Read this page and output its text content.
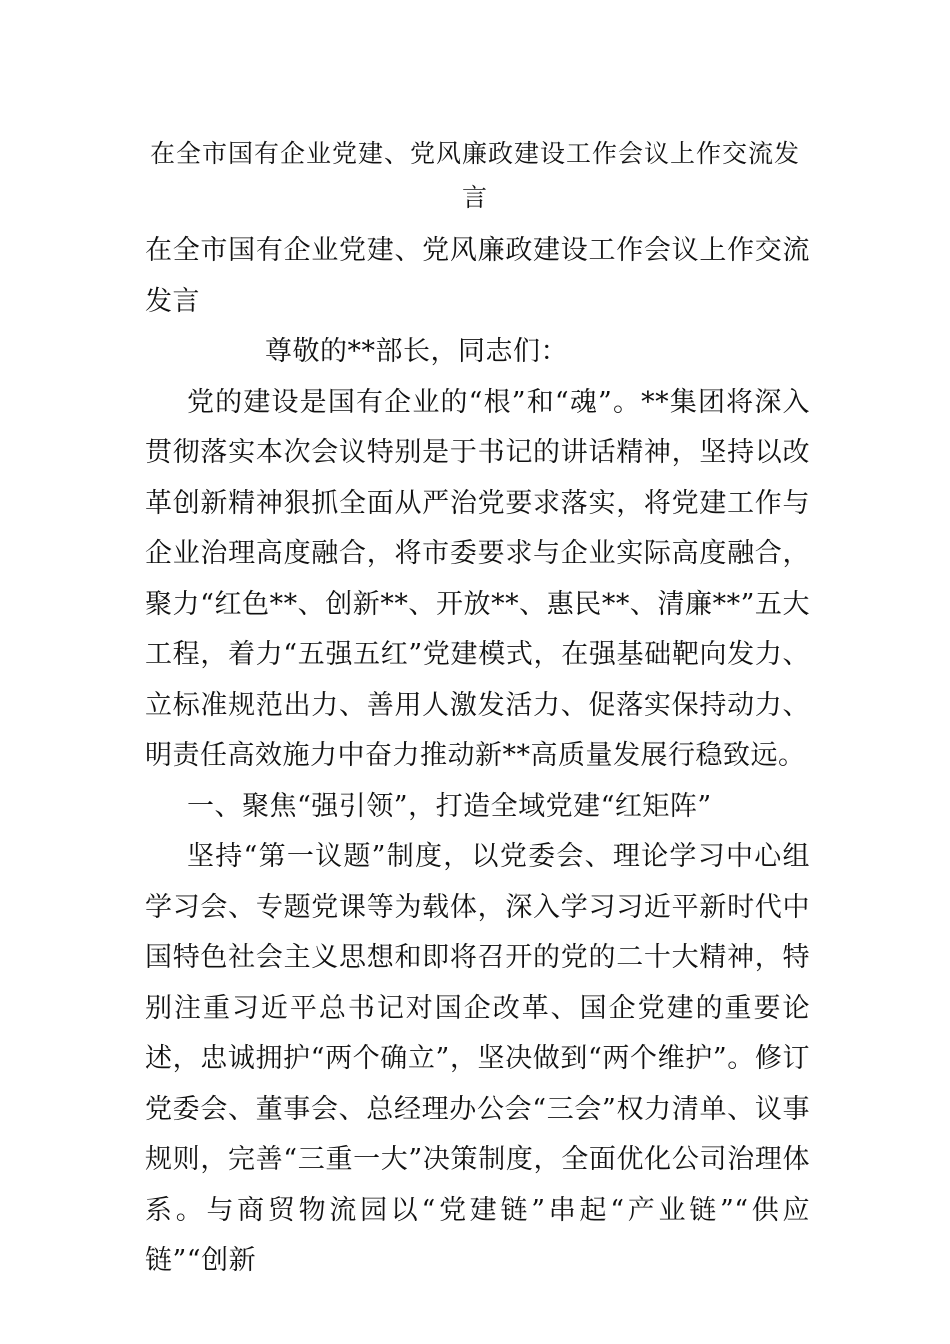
在全市国有企业党建、党风廉政建设工作会议上作交流发言

在全市国有企业党建、党风廉政建设工作会议上作交流发言

尊敬的**部长，同志们：

党的建设是国有企业的“根”和“魂”。**集团将深入贯彻落实本次会议特别是于书记的讲话精神，坚持以改革创新精神狠抓全面从严治党要求落实，将党建工作与企业治理高度融合，将市委要求与企业实际高度融合，聚力“红色**、创新**、开放**、惠民**、清廉**”五大工程，着力“五强五红”党建模式，在强基础靶向发力、立标准规范出力、善用人激发活力、促落实保持动力、明责任高效施力中奋力推动新**高质量发展行稳致远。

一、聚焦“强引领”，打造全域党建“红矩阵”

坚持“第一议题”制度，以党委会、理论学习中心组学习会、专题党课等为载体，深入学习习近平新时代中国特色社会主义思想和即将召开的党的二十大精神，特别注重习近平总书记对国企改革、国企党建的重要论述，忠诚拥护“两个确立”，坚决做到“两个维护”。修订党委会、董事会、总经理办公会“三会”权力清单、议事规则，完善“三重一大”决策制度，全面优化公司治理体系。与商贸物流园以“党建链”串起“产业链”“供应链”“创新
